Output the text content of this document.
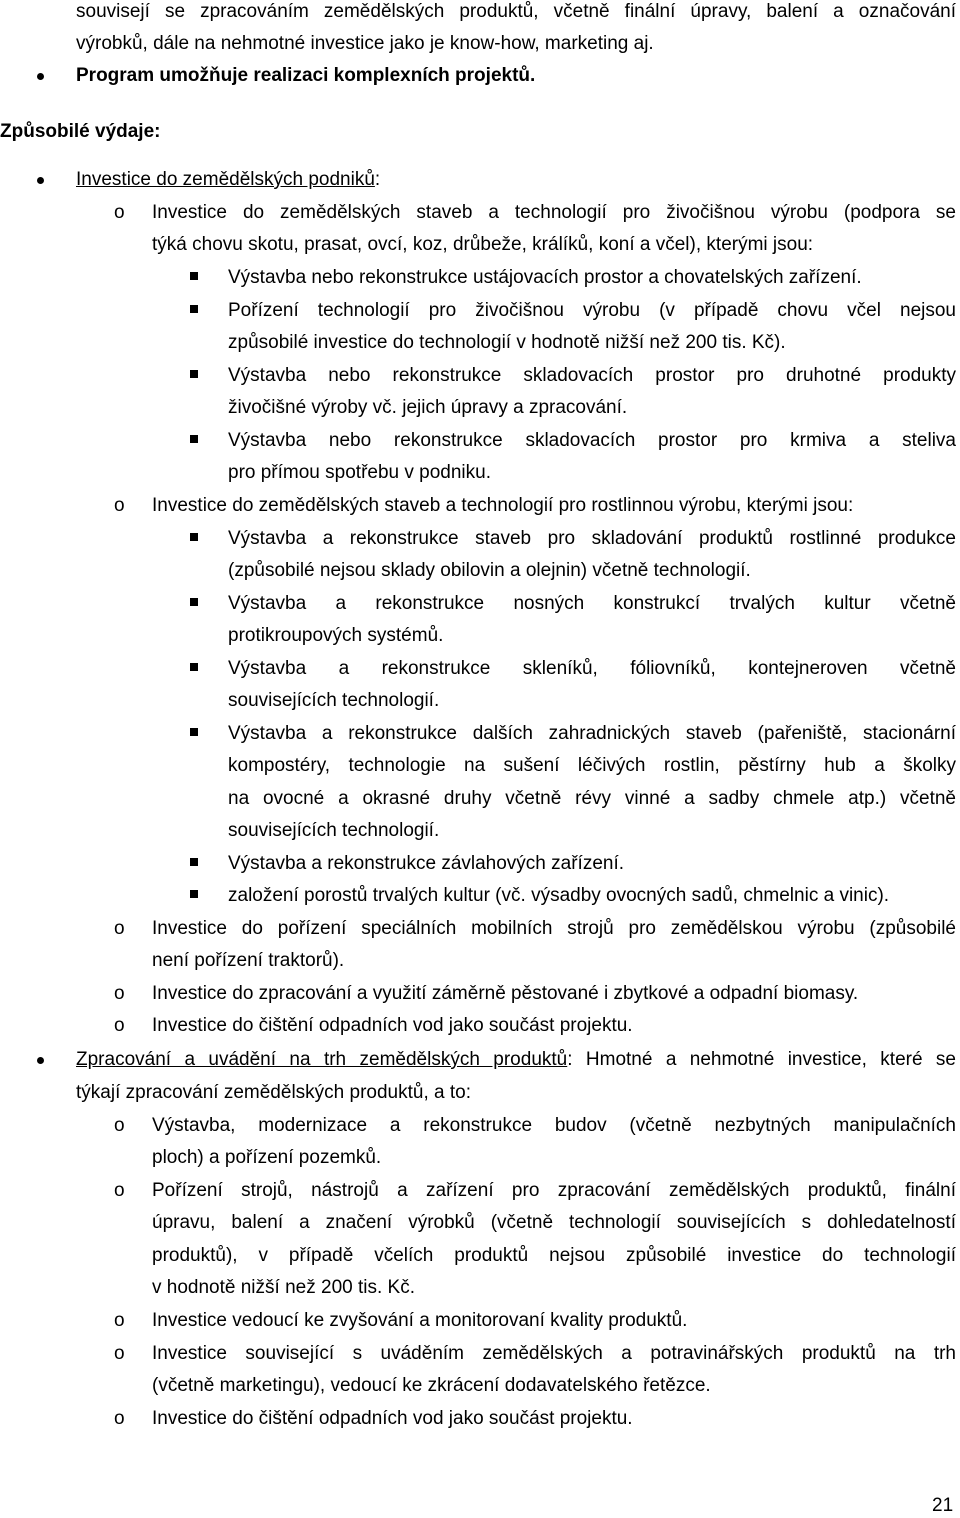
souvisejí se zpracováním zemědělských produktů, včetně finální úpravy, balení a označování
výrobků, dále na nehmotné investice jako je know-how, marketing aj.
Program umožňuje realizaci komplexních projektů.
Způsobilé výdaje:
Investice do zemědělských podniků:
o Investice do zemědělských staveb a technologií pro živočišnou výrobu (podpora se
týká chovu skotu, prasat, ovcí, koz, drůbeže, králíků, koní a včel), kterými jsou:
Výstavba nebo rekonstrukce ustájovacích prostor a chovatelských zařízení.
Pořízení technologií pro živočišnou výrobu (v případě chovu včel nejsou
způsobilé investice do technologií v hodnotě nižší než 200 tis. Kč).
Výstavba nebo rekonstrukce skladovacích prostor pro druhotné produkty
živočišné výroby vč. jejich úpravy a zpracování.
Výstavba nebo rekonstrukce skladovacích prostor pro krmiva a steliva
pro přímou spotřebu v podniku.
o Investice do zemědělských staveb a technologií pro rostlinnou výrobu, kterými jsou:
Výstavba a rekonstrukce staveb pro skladování produktů rostlinné produkce
(způsobilé nejsou sklady obilovin a olejnin) včetně technologií.
Výstavba a rekonstrukce nosných konstrukcí trvalých kultur včetně
protikroupových systémů.
Výstavba a rekonstrukce skleníků, fóliovníků, kontejneroven včetně
souvisejících technologií.
Výstavba a rekonstrukce dalších zahradnických staveb (pařeniště, stacionární
kompostéry, technologie na sušení léčivých rostlin, pěstírny hub a školky
na ovocné a okrasné druhy včetně révy vinné a sadby chmele atp.) včetně
souvisejících technologií.
Výstavba a rekonstrukce závlahových zařízení.
založení porostů trvalých kultur (vč. výsadby ovocných sadů, chmelnic a vinic).
o Investice do pořízení speciálních mobilních strojů pro zemědělskou výrobu (způsobilé
není pořízení traktorů).
o Investice do zpracování a využití záměrně pěstované i zbytkové a odpadní biomasy.
o Investice do čištění odpadních vod jako součást projektu.
Zpracování a uvádění na trh zemědělských produktů: Hmotné a nehmotné investice, které se
týkají zpracování zemědělských produktů, a to:
o Výstavba, modernizace a rekonstrukce budov (včetně nezbytných manipulačních
ploch) a pořízení pozemků.
o Pořízení strojů, nástrojů a zařízení pro zpracování zemědělských produktů, finální
úpravu, balení a značení výrobků (včetně technologií souvisejících s dohledatelností
produktů), v případě včelích produktů nejsou způsobilé investice do technologií
v hodnotě nižší než 200 tis. Kč.
o Investice vedoucí ke zvyšování a monitorovaní kvality produktů.
o Investice související s uváděním zemědělských a potravinářských produktů na trh
(včetně marketingu), vedoucí ke zkrácení dodavatelského řetězce.
o Investice do čištění odpadních vod jako součást projektu.
21
